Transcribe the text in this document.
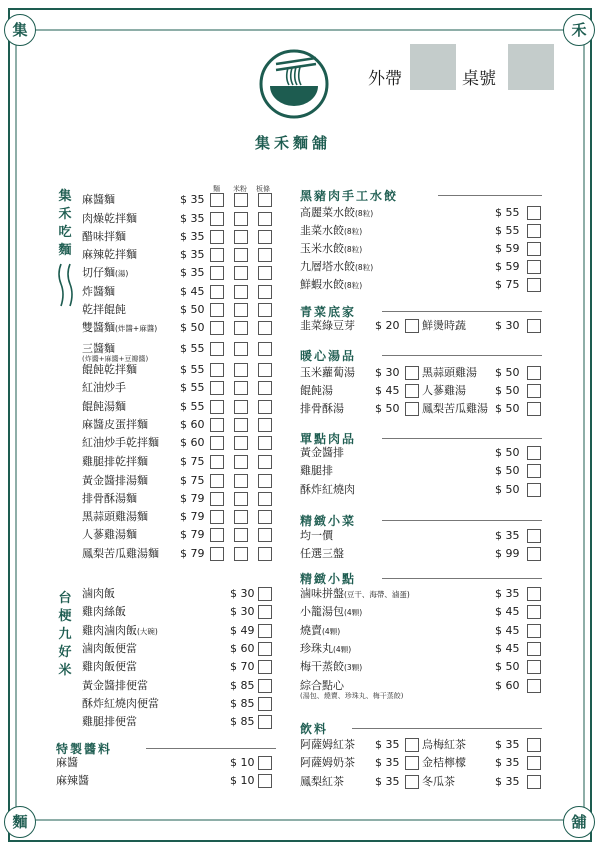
集	禾
麵	舖
集禾麵舖
外帶	桌號
麵 米粉 板條
集禾吃麵
台梗九好米
麻醬麵	$ 35
肉燥乾拌麵	$ 35
醋味拌麵	$ 35
麻辣乾拌麵	$ 35
切仔麵(湯)	$ 35
炸醬麵	$ 45
乾拌餛飩	$ 50
雙醬麵(炸醬+麻醬) $ 50
三醬麵
(炸醬+麻醬+豆瓣醬)
$ 55
餛飩乾拌麵	$ 55
紅油炒手	$ 55
餛飩湯麵	$ 55
麻醬皮蛋拌麵	$ 60
紅油炒手乾拌麵 $ 60
雞腿排乾拌麵	$ 75
黃金醬排湯麵	$ 75
排骨酥湯麵	$ 79
黑蒜頭雞湯麵	$ 79
人蔘雞湯麵	$ 79
鳳梨苦瓜雞湯麵 $ 79
滷肉飯	$ 30
雞肉絲飯	$ 30
雞肉滷肉飯(大碗)	$ 49
滷肉飯便當	$ 60
雞肉飯便當	$ 70
黃金醬排便當	$ 85
酥炸紅燒肉便當	$ 85
雞腿排便當	$ 85
特製醬料
麻醬	$ 10
麻辣醬	$ 10
黑豬肉手工水餃
高麗菜水餃(8粒)	$ 55
韭菜水餃(8粒)	$ 55
玉米水餃(8粒)	$ 59
九層塔水餃(8粒)	$ 59
鮮蝦水餃(8粒)	$ 75
青菜底家
韭菜綠豆芽 $ 20 鮮燙時蔬	$ 30
暖心湯品
玉米蘿蔔湯 $ 30 黑蒜頭雞湯 $ 50
餛飩湯	$ 45 人蔘雞湯	$ 50
排骨酥湯	$ 50 鳳梨苦瓜雞湯 $ 50
單點肉品
黃金醬排	$ 50
雞腿排	$ 50
酥炸紅燒肉	$ 50
精緻小菜
均一價	$ 35
任選三盤	$ 99
精緻小點
滷味拼盤(豆干、海帶、滷蛋)	$ 35
小籠湯包(4顆)	$ 45
燒賣(4顆)	$ 45
珍珠丸(4顆)	$ 45
梅干蒸餃(3顆)	$ 50
綜合點心
(湯包、燒賣、珍珠丸、梅干蒸餃)
$ 60
飲料
阿薩姆紅茶 $ 35 烏梅紅茶	$ 35
阿薩姆奶茶 $ 35 金桔檸檬	$ 35
鳳梨紅茶	$ 35 冬瓜茶	$ 35
